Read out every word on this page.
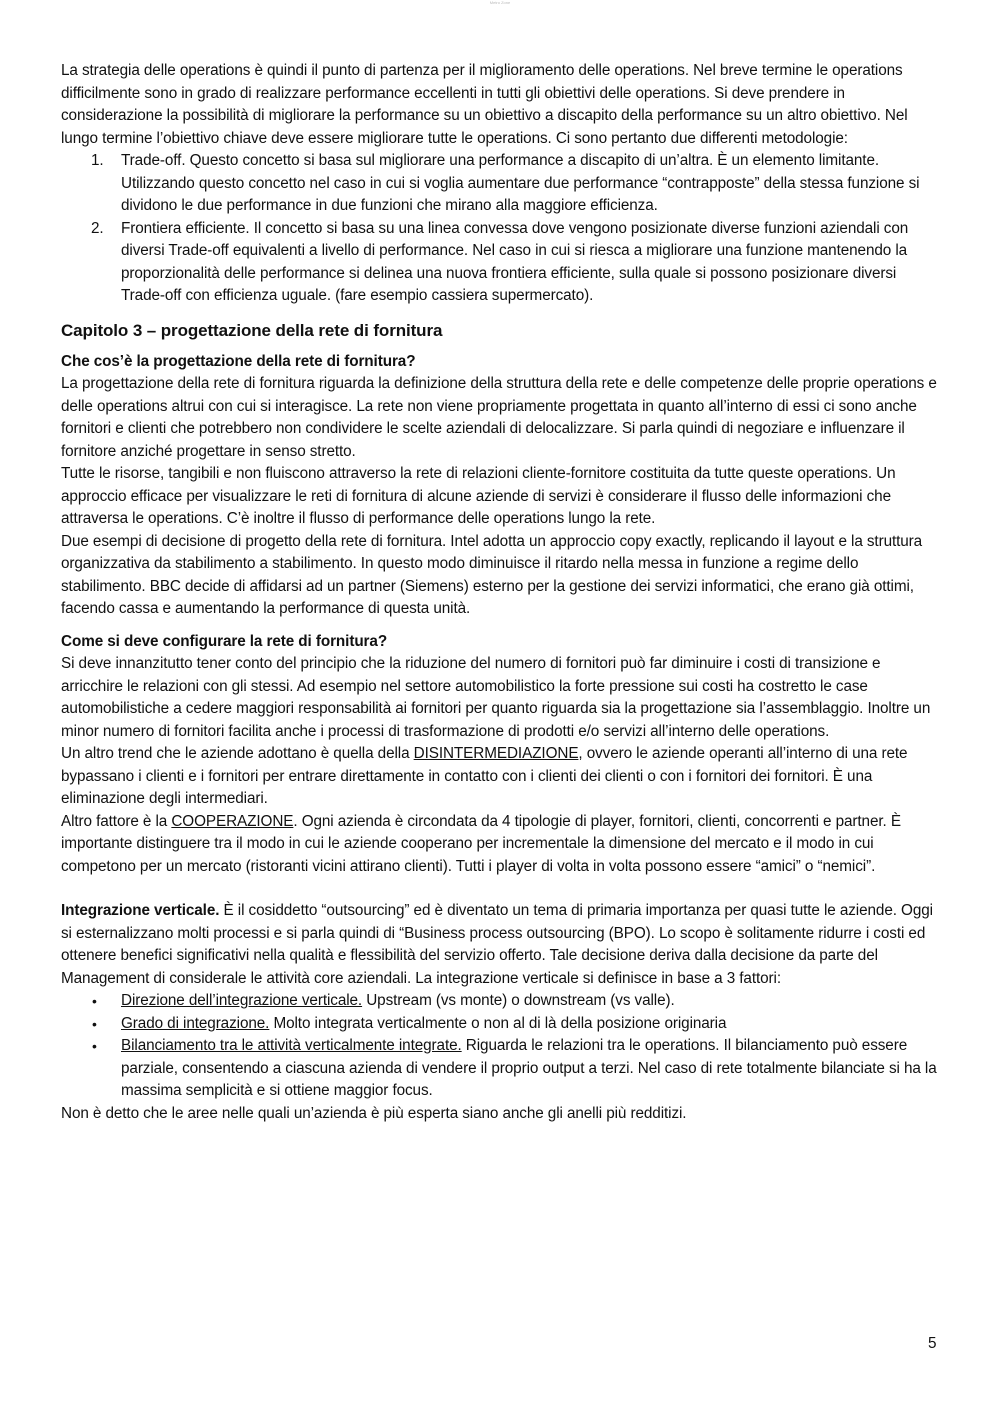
Metro Zone

La strategia delle operations è quindi il punto di partenza per il miglioramento delle operations. Nel breve termine le operations difficilmente sono in grado di realizzare performance eccellenti in tutti gli obiettivi delle operations. Si deve prendere in considerazione la possibilità di migliorare la performance su un obiettivo a discapito della performance su un altro obiettivo. Nel lungo termine l’obiettivo chiave deve essere migliorare tutte le operations. Ci sono pertanto due differenti metodologie:

1. Trade-off. Questo concetto si basa sul migliorare una performance a discapito di un’altra. È un elemento limitante. Utilizzando questo concetto nel caso in cui si voglia aumentare due performance “contrapposte” della stessa funzione si dividono le due performance in due funzioni che mirano alla maggiore efficienza.
2. Frontiera efficiente. Il concetto si basa su una linea convessa dove vengono posizionate diverse funzioni aziendali con diversi Trade-off equivalenti a livello di performance. Nel caso in cui si riesca a migliorare una funzione mantenendo la proporzionalità delle performance si delinea una nuova frontiera efficiente, sulla quale si possono posizionare diversi Trade-off con efficienza uguale. (fare esempio cassiera supermercato).
Capitolo 3 – progettazione della rete di fornitura
Che cos’è la progettazione della rete di fornitura?

La progettazione della rete di fornitura riguarda la definizione della struttura della rete e delle competenze delle proprie operations e delle operations altrui con cui si interagisce. La rete non viene propriamente progettata in quanto all’interno di essi ci sono anche fornitori e clienti che potrebbero non condividere le scelte aziendali di delocalizzare. Si parla quindi di negoziare e influenzare il fornitore anziché progettare in senso stretto.

Tutte le risorse, tangibili e non fluiscono attraverso la rete di relazioni cliente-fornitore costituita da tutte queste operations. Un approccio efficace per visualizzare le reti di fornitura di alcune aziende di servizi è considerare il flusso delle informazioni che attraversa le operations. C’è inoltre il flusso di performance delle operations lungo la rete.

Due esempi di decisione di progetto della rete di fornitura. Intel adotta un approccio copy exactly, replicando il layout e la struttura organizzativa da stabilimento a stabilimento. In questo modo diminuisce il ritardo nella messa in funzione a regime dello stabilimento. BBC decide di affidarsi ad un partner (Siemens) esterno per la gestione dei servizi informatici, che erano già ottimi, facendo cassa e aumentando la performance di questa unità.

Come si deve configurare la rete di fornitura?

Si deve innanzitutto tener conto del principio che la riduzione del numero di fornitori può far diminuire i costi di transizione e arricchire le relazioni con gli stessi. Ad esempio nel settore automobilistico la forte pressione sui costi ha costretto le case automobilistiche a cedere maggiori responsabilità ai fornitori per quanto riguarda sia la progettazione sia l’assemblaggio. Inoltre un minor numero di fornitori facilita anche i processi di trasformazione di prodotti e/o servizi all’interno delle operations.

Un altro trend che le aziende adottano è quella della DISINTERMEDIAZIONE, ovvero le aziende operanti all’interno di una rete bypassano i clienti e i fornitori per entrare direttamente in contatto con i clienti dei clienti o con i fornitori dei fornitori. È una eliminazione degli intermediari.

Altro fattore è la COOPERAZIONE. Ogni azienda è circondata da 4 tipologie di player, fornitori, clienti, concorrenti e partner. È importante distinguere tra il modo in cui le aziende cooperano per incrementale la dimensione del mercato e il modo in cui competono per un mercato (ristoranti vicini attirano clienti). Tutti i player di volta in volta possono essere “amici” o “nemici”.

Integrazione verticale. È il cosiddetto “outsourcing” ed è diventato un tema di primaria importanza per quasi tutte le aziende. Oggi si esternalizzano molti processi e si parla quindi di “Business process outsourcing (BPO). Lo scopo è solitamente ridurre i costi ed ottenere benefici significativi nella qualità e flessibilità del servizio offerto. Tale decisione deriva dalla decisione da parte del Management di considerale le attività core aziendali. La integrazione verticale si definisce in base a 3 fattori:

• Direzione dell’integrazione verticale. Upstream (vs monte) o downstream (vs valle).
• Grado di integrazione. Molto integrata verticalmente o non al di là della posizione originaria
• Bilanciamento tra le attività verticalmente integrate. Riguarda le relazioni tra le operations. Il bilanciamento può essere parziale, consentendo a ciascuna azienda di vendere il proprio output a terzi. Nel caso di rete totalmente bilanciate si ha la massima semplicità e si ottiene maggior focus.

Non è detto che le aree nelle quali un’azienda è più esperta siano anche gli anelli più redditizi.

5
